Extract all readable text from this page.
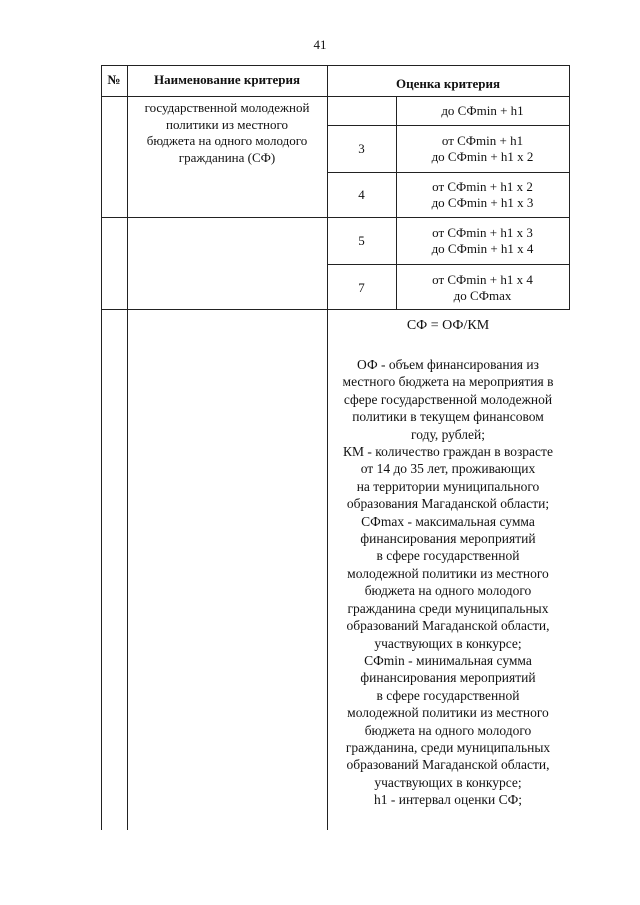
41
№	Наименование критерия	Оценка критерия
государственной молодежной
политики из местного
бюджета на одного молодого
гражданина (СФ)
до СФmin + h1
3
от СФmin + h1
до СФmin + h1 x 2
4
от СФmin + h1 x 2
до СФmin + h1 x 3
5
от СФmin + h1 x 3
до СФmin + h1 x 4
7
от СФmin + h1 x 4
до СФmax
СФ = ОФ/КМ
ОФ - объем финансирования из
местного бюджета на мероприятия в
сфере государственной молодежной
политики в текущем финансовом
году, рублей;
КМ - количество граждан в возрасте
от 14 до 35 лет, проживающих
на территории муниципального
образования Магаданской области;
СФmax - максимальная сумма
финансирования мероприятий
в сфере государственной
молодежной политики из местного
бюджета на одного молодого
гражданина среди муниципальных
образований Магаданской области,
участвующих в конкурсе;
СФmin - минимальная сумма
финансирования мероприятий
в сфере государственной
молодежной политики из местного
бюджета на одного молодого
гражданина, среди муниципальных
образований Магаданской области,
участвующих в конкурсе;
h1 - интервал оценки СФ;
